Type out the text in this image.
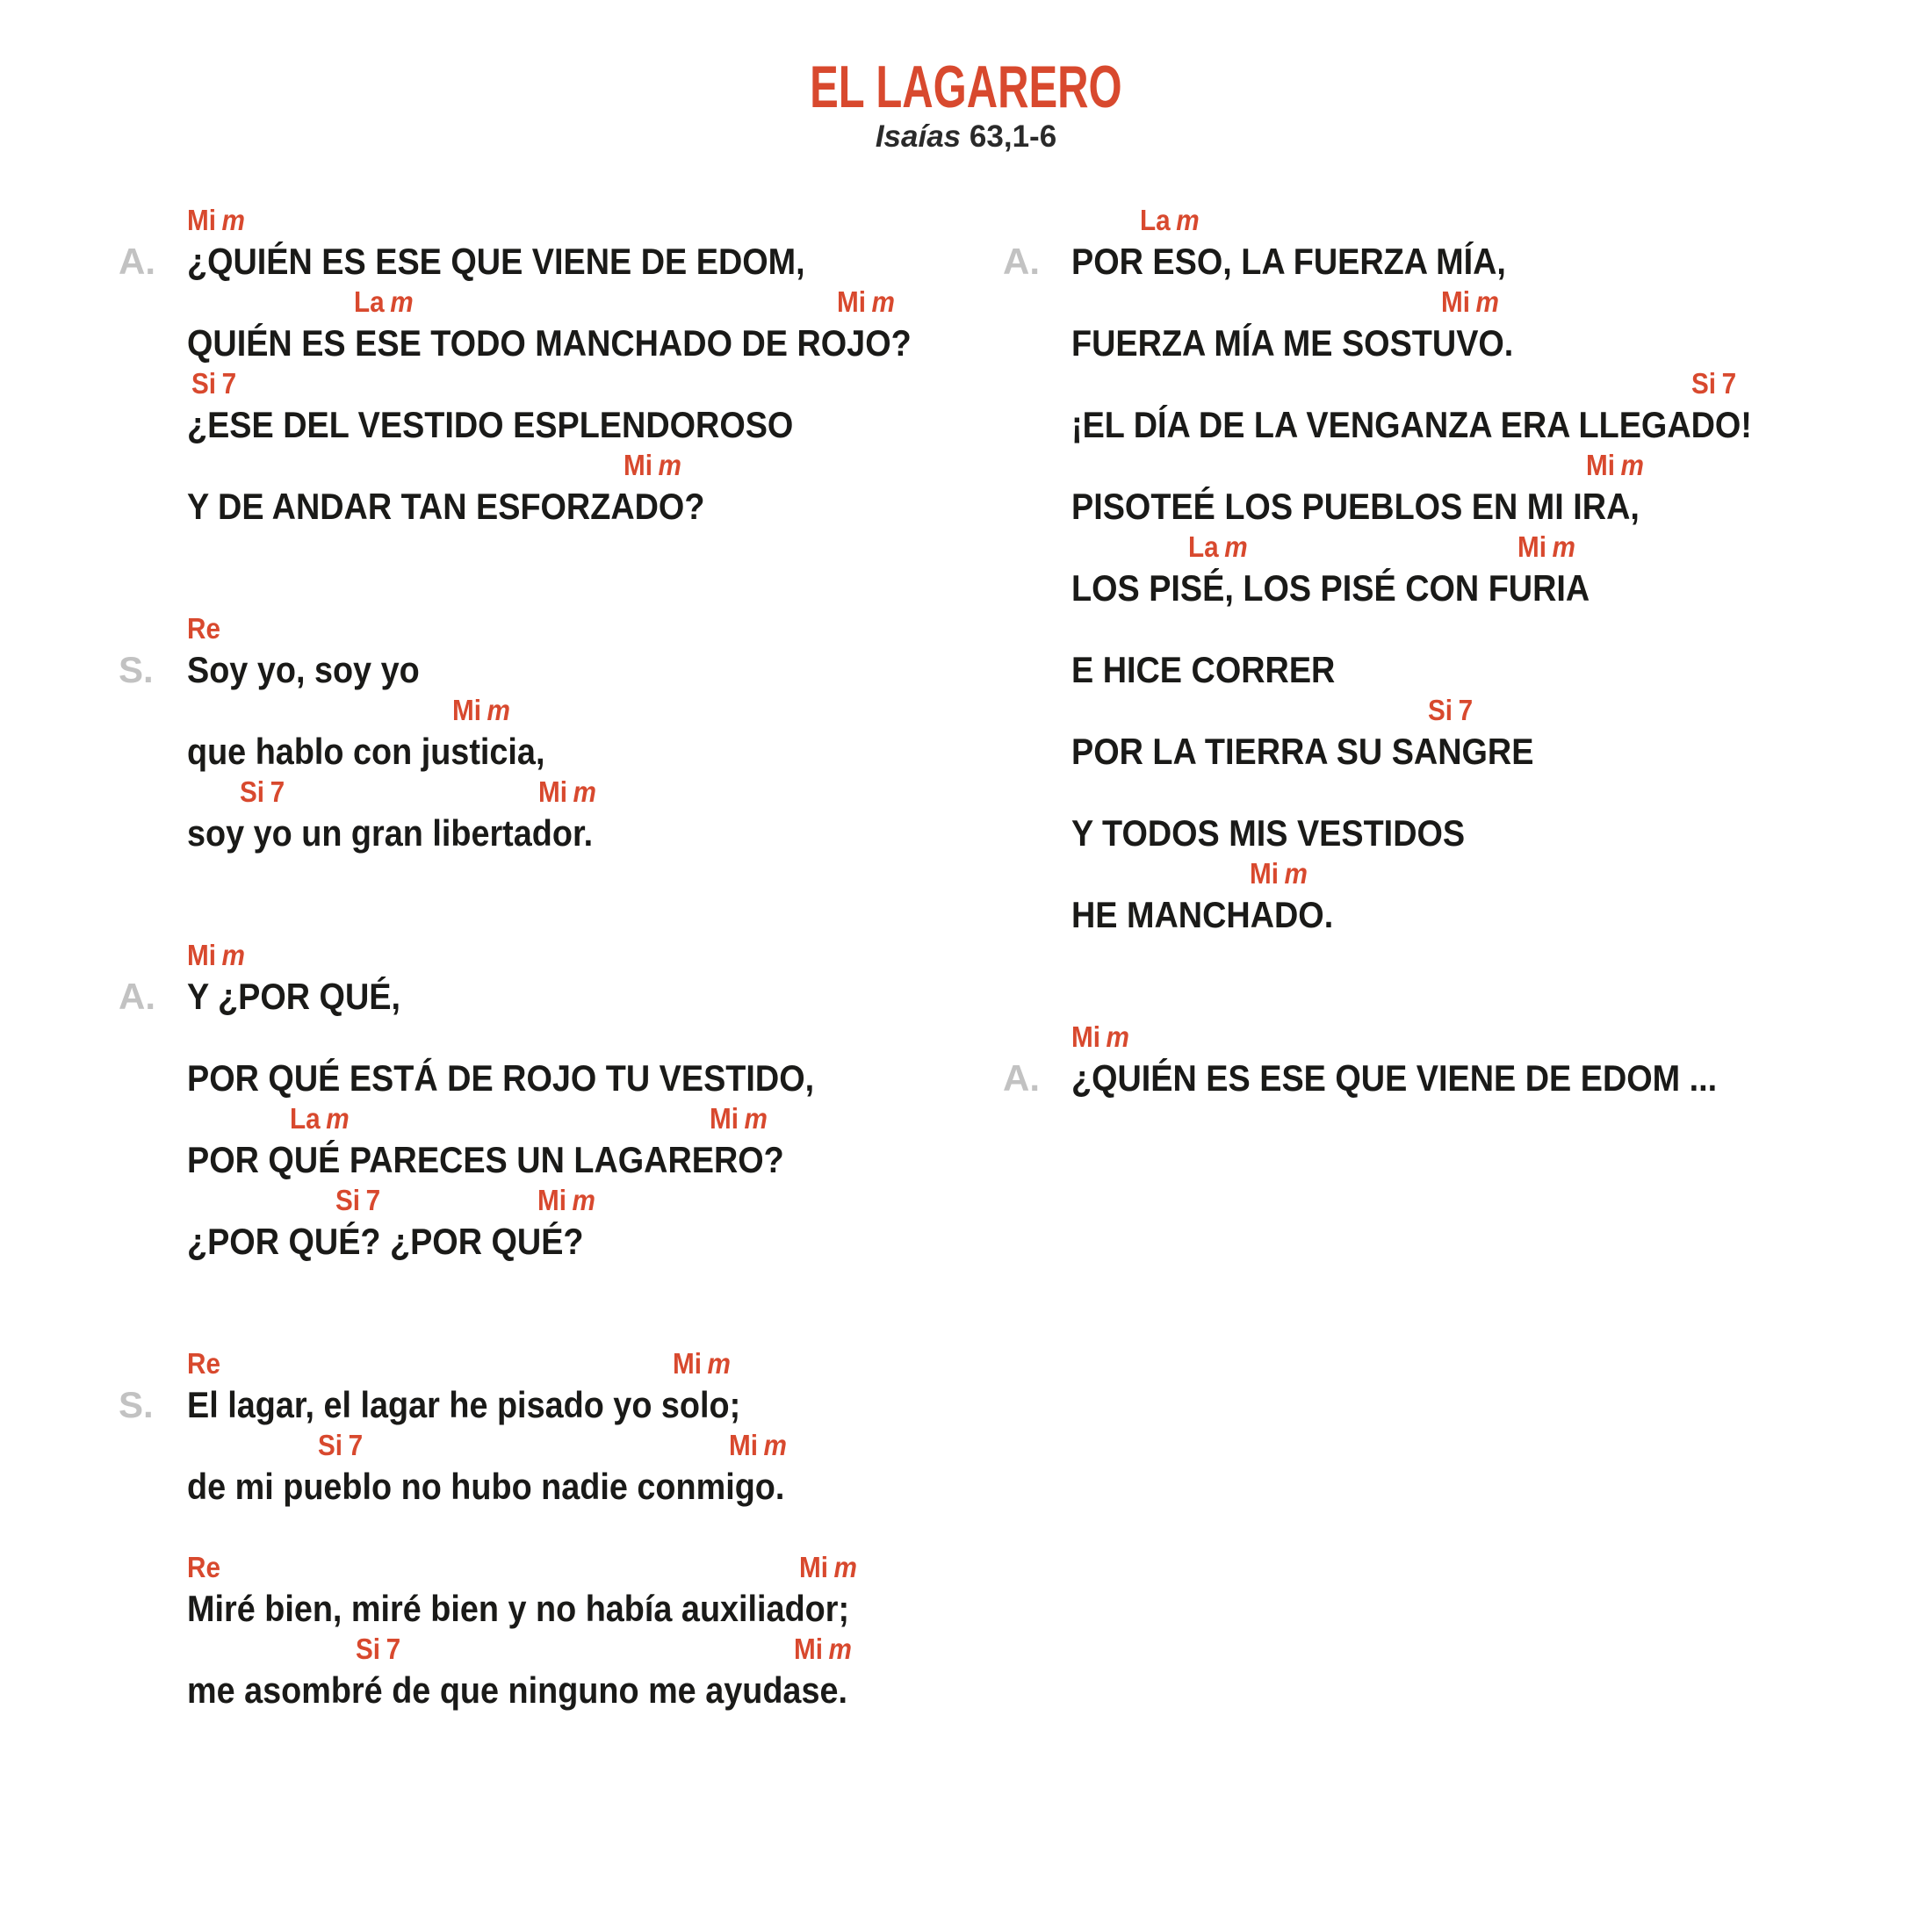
EL LAGARERO
Isaías 63,1-6
A.
Mi m
¿QUIÉN ES ESE QUE VIENE DE EDOM,
La m	Mi m
QUIÉN ES ESE TODO MANCHADO DE ROJO?
Si 7
¿ESE DEL VESTIDO ESPLENDOROSO
Mi m
Y DE ANDAR TAN ESFORZADO?
S.
Re
Soy yo, soy yo
Mi m
que hablo con justicia,
Si 7	Mi m
soy yo un gran libertador.
A.
Mi m
Y ¿POR QUÉ,
POR QUÉ ESTÁ DE ROJO TU VESTIDO,
La m	Mi m
POR QUÉ PARECES UN LAGARERO?
Si 7	Mi m
¿POR QUÉ? ¿POR QUÉ?
S.
Re	Mi m
El lagar, el lagar he pisado yo solo;
Si 7	Mi m
de mi pueblo no hubo nadie conmigo.
Re	Mi m
Miré bien, miré bien y no había auxiliador;
Si 7	Mi m
me asombré de que ninguno me ayudase.
A.
La m
POR ESO, LA FUERZA MÍA,
Mi m
FUERZA MÍA ME SOSTUVO.
Si 7
¡EL DÍA DE LA VENGANZA ERA LLEGADO!
Mi m
PISOTEÉ LOS PUEBLOS EN MI IRA,
La m	Mi m
LOS PISÉ, LOS PISÉ CON FURIA
E HICE CORRER
Si 7
POR LA TIERRA SU SANGRE
Y TODOS MIS VESTIDOS
Mi m
HE MANCHADO.
A.
Mi m
¿QUIÉN ES ESE QUE VIENE DE EDOM ...
